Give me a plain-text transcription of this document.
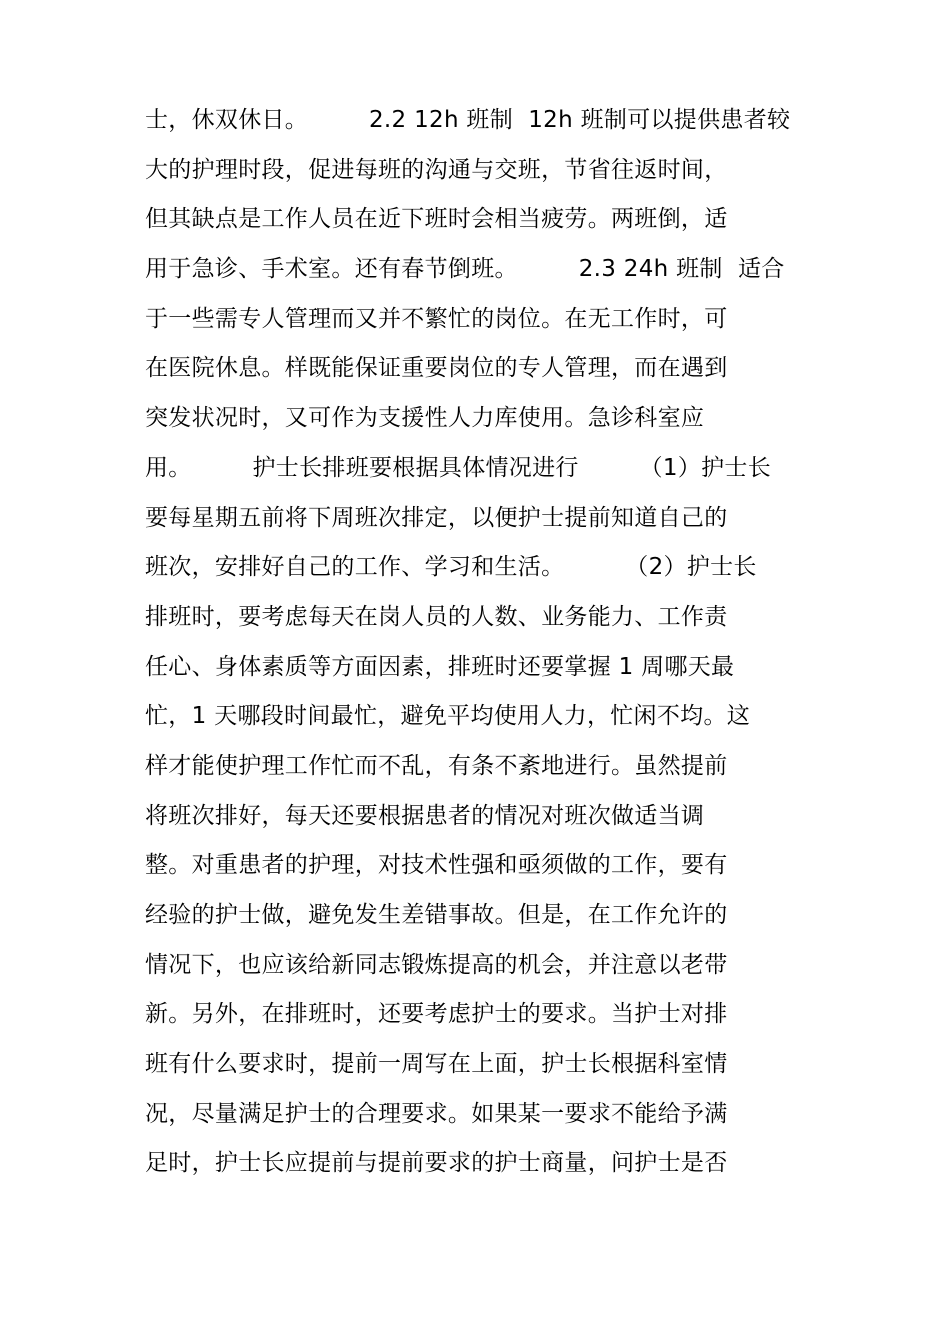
士，休双休日。        2.2 12h 班制  12h 班制可以提供患者较
大的护理时段，促进每班的沟通与交班，节省往返时间，
但其缺点是工作人员在近下班时会相当疲劳。两班倒，适
用于急诊、手术室。还有春节倒班。        2.3 24h 班制  适合
于一些需专人管理而又并不繁忙的岗位。在无工作时，可
在医院休息。样既能保证重要岗位的专人管理，而在遇到
突发状况时，又可作为支援性人力库使用。急诊科室应
用。        护士长排班要根据具体情况进行        （1）护士长
要每星期五前将下周班次排定，以便护士提前知道自己的
班次，安排好自己的工作、学习和生活。        （2）护士长
排班时，要考虑每天在岗人员的人数、业务能力、工作责
任心、身体素质等方面因素，排班时还要掌握 1 周哪天最
忙，1 天哪段时间最忙，避免平均使用人力，忙闲不均。这
样才能使护理工作忙而不乱，有条不紊地进行。虽然提前
将班次排好，每天还要根据患者的情况对班次做适当调
整。对重患者的护理，对技术性强和亟须做的工作，要有
经验的护士做，避免发生差错事故。但是，在工作允许的
情况下，也应该给新同志锻炼提高的机会，并注意以老带
新。另外，在排班时，还要考虑护士的要求。当护士对排
班有什么要求时，提前一周写在上面，护士长根据科室情
况，尽量满足护士的合理要求。如果某一要求不能给予满
足时，护士长应提前与提前要求的护士商量，问护士是否
